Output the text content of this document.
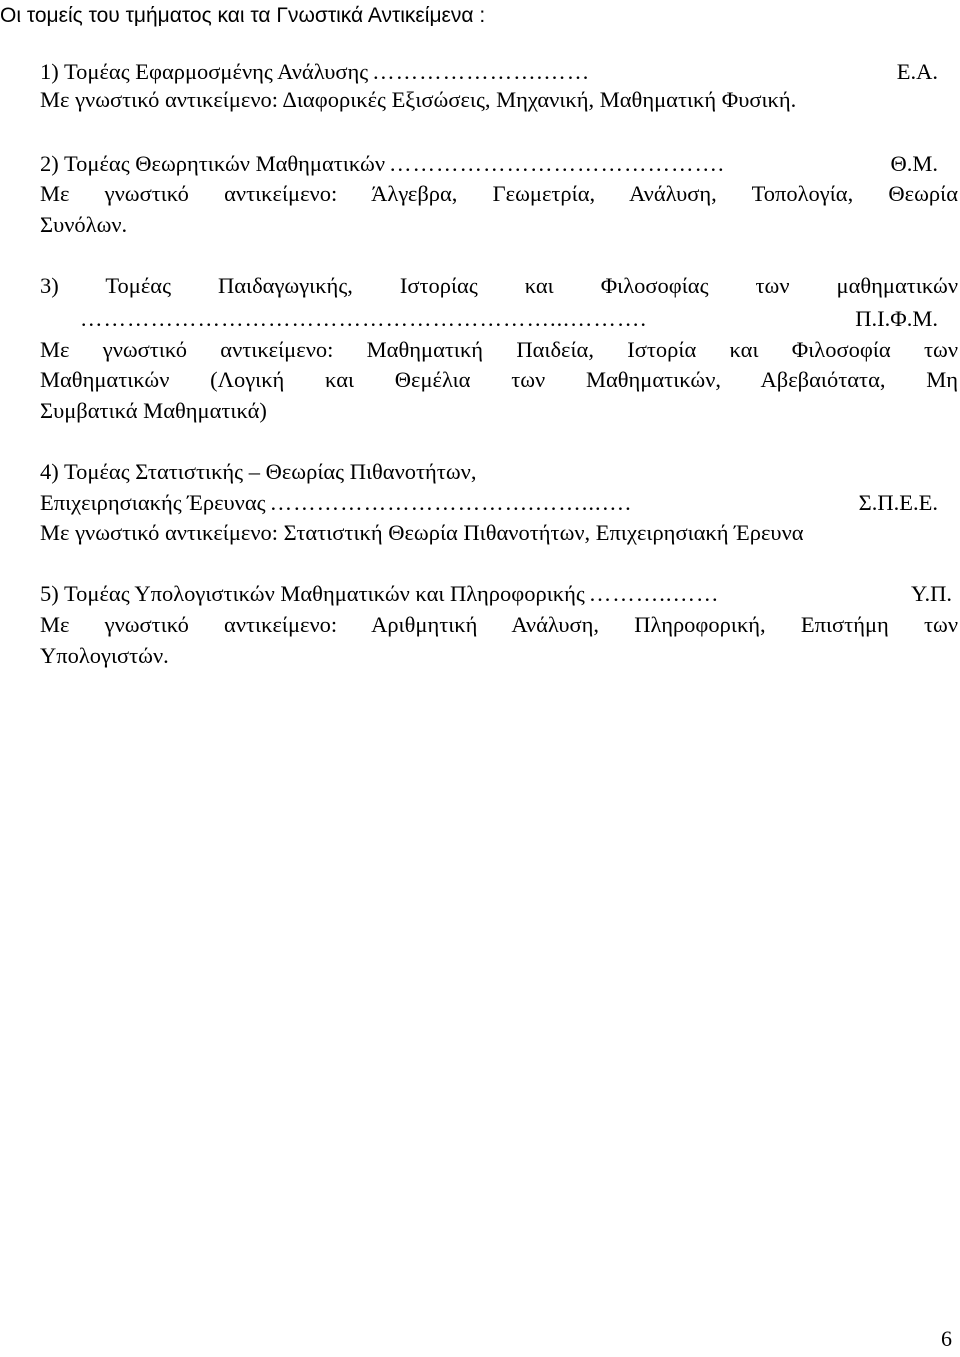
Οι τομείς του τμήματος και τα Γνωστικά Αντικείμενα :
1) Τομέας Εφαρμοσμένης Ανάλυσης ………………….……	Ε.Α.
Με γνωστικό αντικείμενο: Διαφορικές Εξισώσεις, Μηχανική, Μαθηματική Φυσική.
2) Τομέας Θεωρητικών Μαθηματικών …………………………………….	Θ.Μ.
Με γνωστικό αντικείμενο: Άλγεβρα, Γεωμετρία, Ανάλυση, Τοπολογία, Θεωρία
Συνόλων.
3) Τομέας Παιδαγωγικής, Ιστορίας και Φιλοσοφίας των μαθηματικών
……………………………………………………...……….	Π.Ι.Φ.Μ.
Με γνωστικό αντικείμενο: Μαθηματική Παιδεία, Ιστορία και Φιλοσοφία των
Μαθηματικών (Λογική και Θεμέλια των Μαθηματικών, Αβεβαιότατα, Μη
Συμβατικά Μαθηματικά)
4) Τομέας Στατιστικής – Θεωρίας Πιθανοτήτων,
Επιχειρησιακής Έρευνας …………………………….……...….	Σ.Π.Ε.Ε.
Με γνωστικό αντικείμενο: Στατιστική Θεωρία Πιθανοτήτων, Επιχειρησιακή Έρευνα
5) Τομέας Υπολογιστικών Μαθηματικών και Πληροφορικής ………..……	Υ.Π.
Με γνωστικό αντικείμενο: Αριθμητική Ανάλυση, Πληροφορική, Επιστήμη των
Υπολογιστών.
6
